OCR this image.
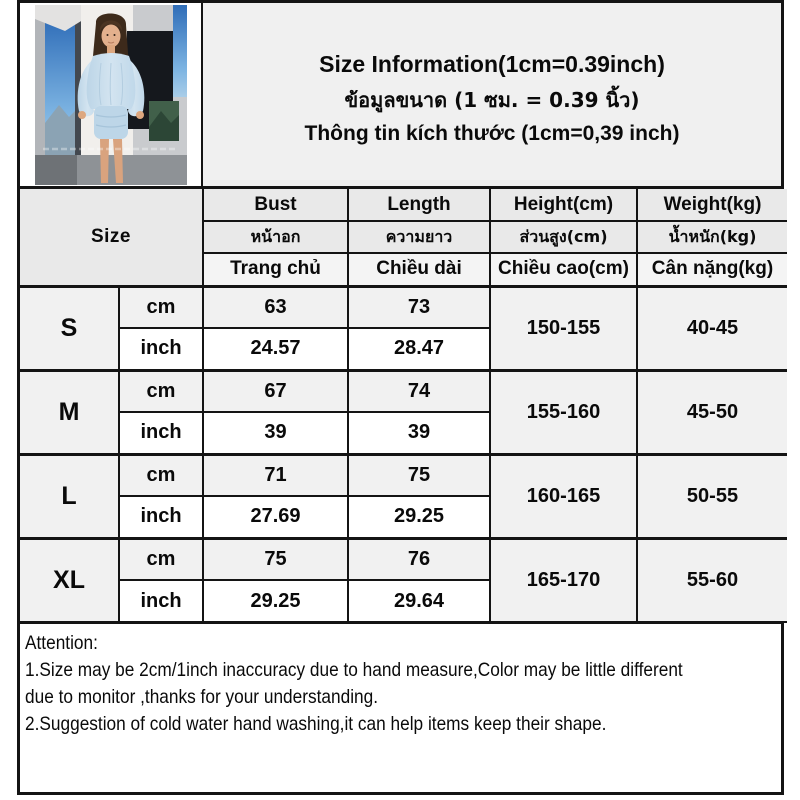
Size Information(1cm=0.39inch)
ข้อมูลขนาด (1 ซม. = 0.39 นิ้ว)
Thông tin kích thước (1cm=0,39 inch)
Size		Bust	Length	Height(cm)	Weight(kg)
		หน้าอก	ความยาว	ส่วนสูง(cm)	น้ำหนัก(kg)
		Trang chủ	Chiều dài	Chiều cao(cm)	Cân nặng(kg)
S	cm	63	73	150-155	40-45
	inch	24.57	28.47		
M	cm	67	74	155-160	45-50
	inch	39	39		
L	cm	71	75	160-165	50-55
	inch	27.69	29.25		
XL	cm	75	76	165-170	55-60
	inch	29.25	29.64		
Attention:
1.Size may be 2cm/1inch inaccuracy due to hand measure,Color may be little different
due to monitor ,thanks for your understanding.
2.Suggestion of cold water hand washing,it can help items keep their shape.
